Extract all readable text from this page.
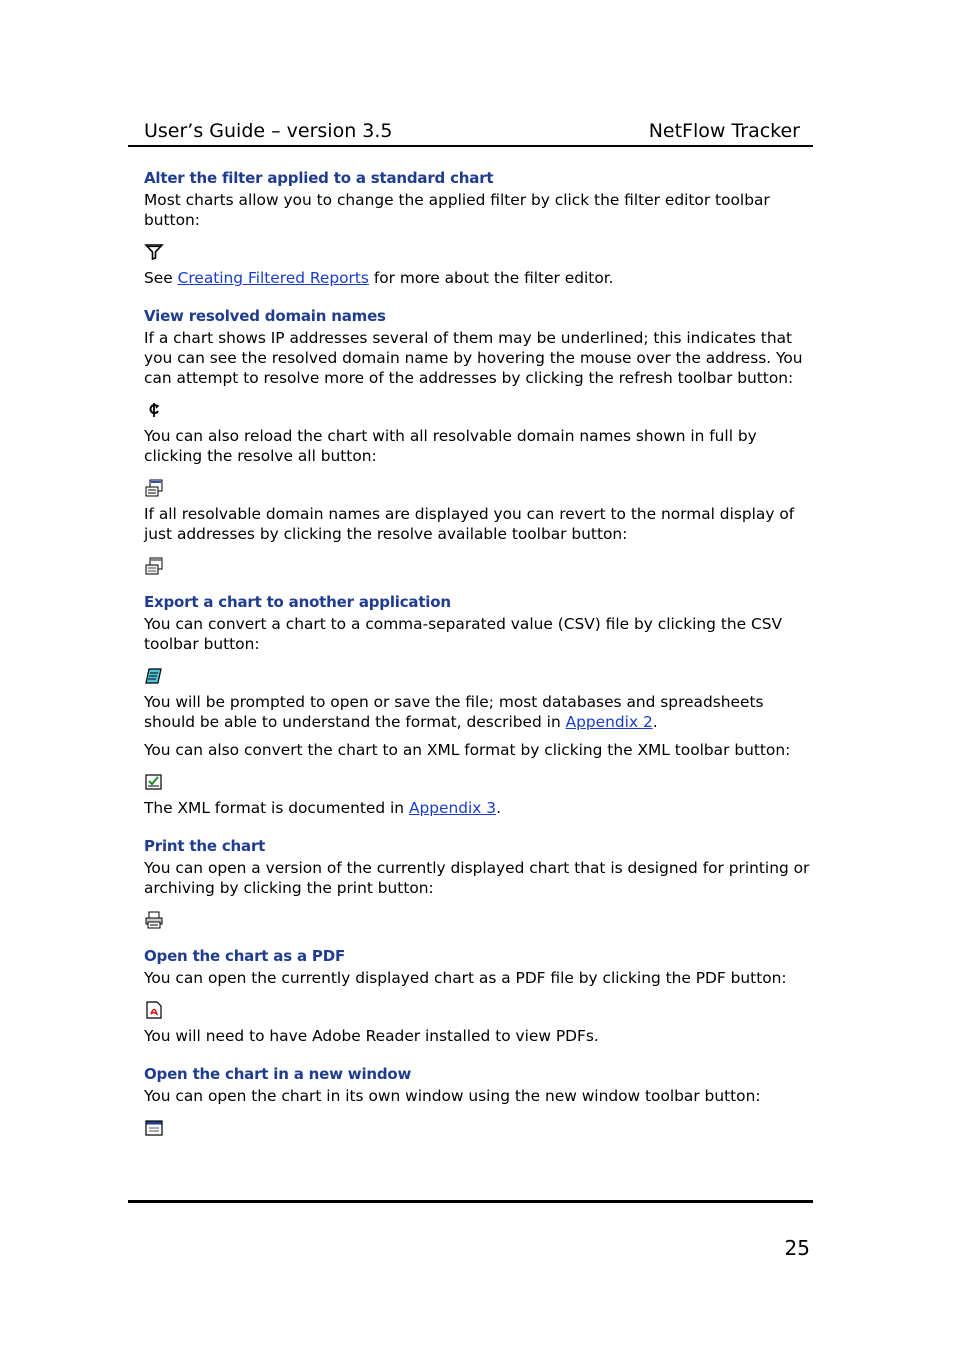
User’s Guide – version 3.5	NetFlow Tracker
Alter the filter applied to a standard chart

Most charts allow you to change the applied filter by click the filter editor toolbar button:

See Creating Filtered Reports for more about the filter editor.

View resolved domain names

If a chart shows IP addresses several of them may be underlined; this indicates that you can see the resolved domain name by hovering the mouse over the address. You can attempt to resolve more of the addresses by clicking the refresh toolbar button:

You can also reload the chart with all resolvable domain names shown in full by clicking the resolve all button:

If all resolvable domain names are displayed you can revert to the normal display of just addresses by clicking the resolve available toolbar button:

Export a chart to another application

You can convert a chart to a comma-separated value (CSV) file by clicking the CSV toolbar button:

You will be prompted to open or save the file; most databases and spreadsheets should be able to understand the format, described in Appendix 2.

You can also convert the chart to an XML format by clicking the XML toolbar button:

The XML format is documented in Appendix 3.

Print the chart

You can open a version of the currently displayed chart that is designed for printing or archiving by clicking the print button:

Open the chart as a PDF

You can open the currently displayed chart as a PDF file by clicking the PDF button:

You will need to have Adobe Reader installed to view PDFs.

Open the chart in a new window

You can open the chart in its own window using the new window toolbar button:

25
